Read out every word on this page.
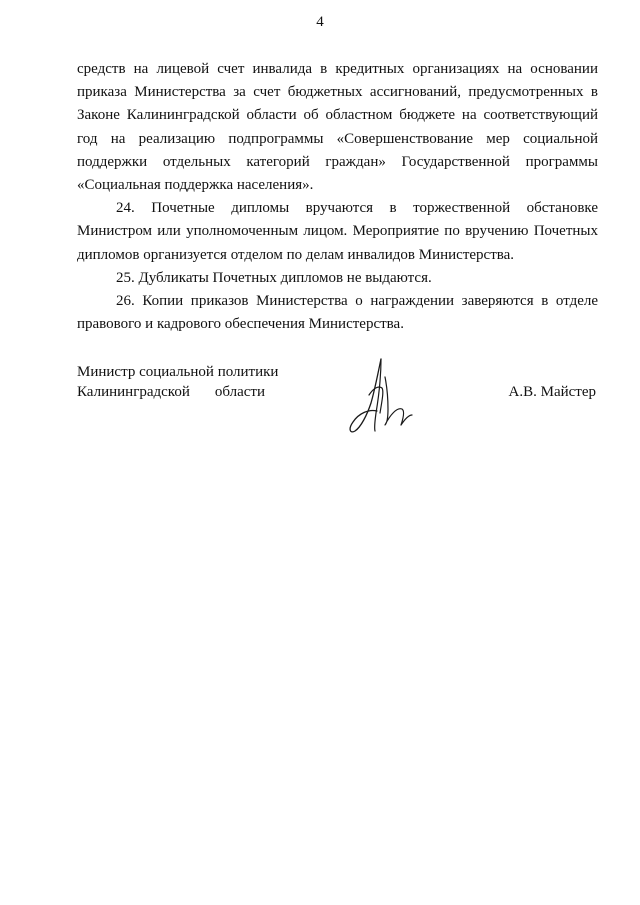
4

средств на лицевой счет инвалида в кредитных организациях на основании приказа Министерства за счет бюджетных ассигнований, предусмотренных в Законе Калининградской области об областном бюджете на соответствующий год на реализацию подпрограммы «Совершенствование мер социальной поддержки отдельных категорий граждан» Государственной программы «Социальная поддержка населения».

24. Почетные дипломы вручаются в торжественной обстановке Министром или уполномоченным лицом. Мероприятие по вручению Почетных дипломов организуется отделом по делам инвалидов Министерства.

25. Дубликаты Почетных дипломов не выдаются.

26. Копии приказов Министерства о награждении заверяются в отделе правового и кадрового обеспечения Министерства.

Министр социальной политики
Калининградской области	А.В. Майстер
